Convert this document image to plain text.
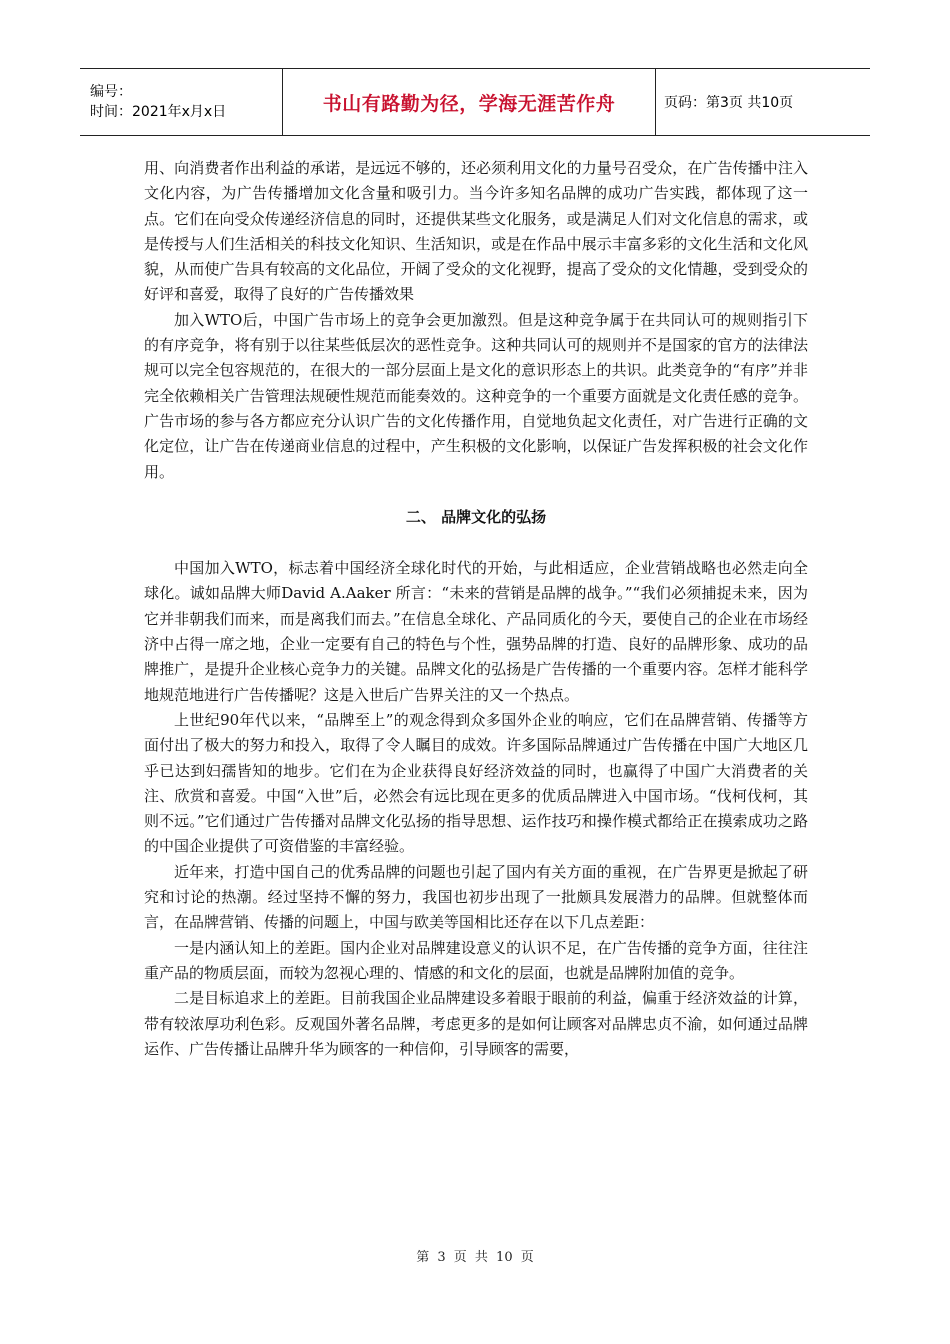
编号：
时间：2021年x月x日	书山有路勤为径，学海无涯苦作舟	页码：第3页 共10页

用、向消费者作出利益的承诺，是远远不够的，还必须利用文化的力量号召受众，在广告传播中注入文化内容，为广告传播增加文化含量和吸引力。当今许多知名品牌的成功广告实践，都体现了这一点。它们在向受众传递经济信息的同时，还提供某些文化服务，或是满足人们对文化信息的需求，或是传授与人们生活相关的科技文化知识、生活知识，或是在作品中展示丰富多彩的文化生活和文化风貌，从而使广告具有较高的文化品位，开阔了受众的文化视野，提高了受众的文化情趣，受到受众的好评和喜爱，取得了良好的广告传播效果

加入WTO后，中国广告市场上的竞争会更加激烈。但是这种竞争属于在共同认可的规则指引下的有序竞争，将有别于以往某些低层次的恶性竞争。这种共同认可的规则并不是国家的官方的法律法规可以完全包容规范的，在很大的一部分层面上是文化的意识形态上的共识。此类竞争的“有序”并非完全依赖相关广告管理法规硬性规范而能奏效的。这种竞争的一个重要方面就是文化责任感的竞争。广告市场的参与各方都应充分认识广告的文化传播作用，自觉地负起文化责任，对广告进行正确的文化定位，让广告在传递商业信息的过程中，产生积极的文化影响，以保证广告发挥积极的社会文化作用。

二、 品牌文化的弘扬

中国加入WTO，标志着中国经济全球化时代的开始，与此相适应，企业营销战略也必然走向全球化。诚如品牌大师David A.Aaker 所言：“未来的营销是品牌的战争。”“我们必须捕捉未来，因为它并非朝我们而来，而是离我们而去。”在信息全球化、产品同质化的今天，要使自己的企业在市场经济中占得一席之地，企业一定要有自己的特色与个性，强势品牌的打造、良好的品牌形象、成功的品牌推广，是提升企业核心竞争力的关键。品牌文化的弘扬是广告传播的一个重要内容。怎样才能科学地规范地进行广告传播呢？这是入世后广告界关注的又一个热点。

上世纪90年代以来，“品牌至上”的观念得到众多国外企业的响应，它们在品牌营销、传播等方面付出了极大的努力和投入，取得了令人瞩目的成效。许多国际品牌通过广告传播在中国广大地区几乎已达到妇孺皆知的地步。它们在为企业获得良好经济效益的同时，也赢得了中国广大消费者的关注、欣赏和喜爱。中国“入世”后，必然会有远比现在更多的优质品牌进入中国市场。“伐柯伐柯，其则不远。”它们通过广告传播对品牌文化弘扬的指导思想、运作技巧和操作模式都给正在摸索成功之路的中国企业提供了可资借鉴的丰富经验。

近年来，打造中国自己的优秀品牌的问题也引起了国内有关方面的重视，在广告界更是掀起了研究和讨论的热潮。经过坚持不懈的努力，我国也初步出现了一批颇具发展潜力的品牌。但就整体而言，在品牌营销、传播的问题上，中国与欧美等国相比还存在以下几点差距：

一是内涵认知上的差距。国内企业对品牌建设意义的认识不足，在广告传播的竞争方面，往往注重产品的物质层面，而较为忽视心理的、情感的和文化的层面，也就是品牌附加值的竞争。

二是目标追求上的差距。目前我国企业品牌建设多着眼于眼前的利益，偏重于经济效益的计算，带有较浓厚功利色彩。反观国外著名品牌，考虑更多的是如何让顾客对品牌忠贞不渝，如何通过品牌运作、广告传播让品牌升华为顾客的一种信仰，引导顾客的需要，

第 3 页 共 10 页
